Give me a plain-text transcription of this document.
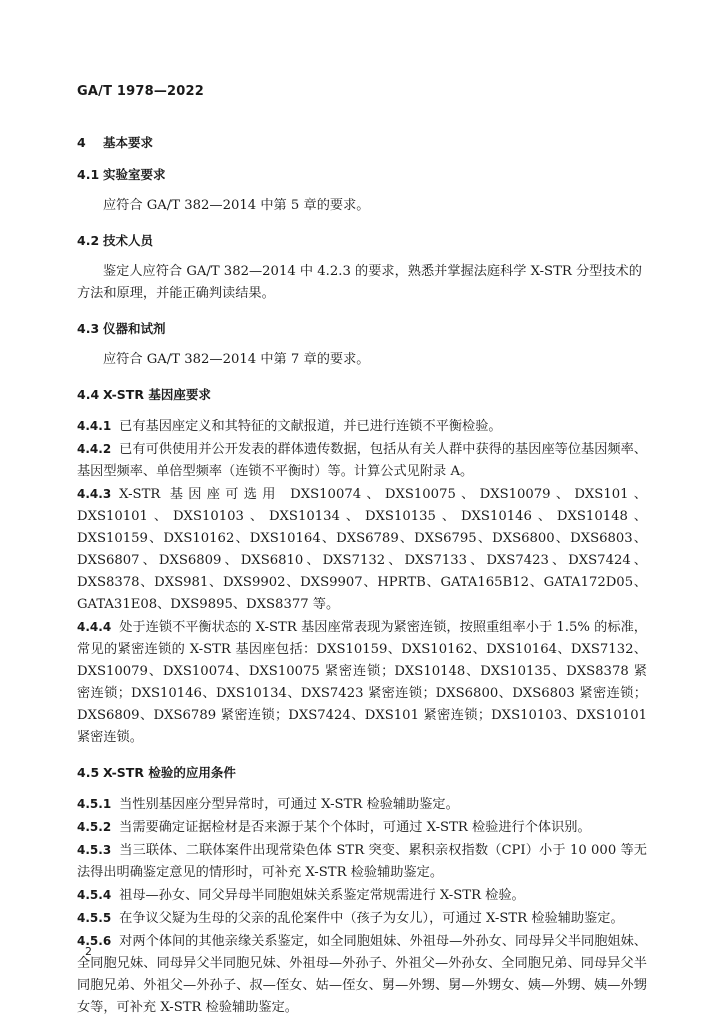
GA/T 1978—2022
4 基本要求
4.1 实验室要求

应符合 GA/T 382—2014 中第 5 章的要求。

4.2 技术人员

鉴定人应符合 GA/T 382—2014 中 4.2.3 的要求，熟悉并掌握法庭科学 X-STR 分型技术的方法和原理，并能正确判读结果。

4.3 仪器和试剂

应符合 GA/T 382—2014 中第 7 章的要求。

4.4 X-STR 基因座要求

4.4.1 已有基因座定义和其特征的文献报道，并已进行连锁不平衡检验。

4.4.2 已有可供使用并公开发表的群体遗传数据，包括从有关人群中获得的基因座等位基因频率、基因型频率、单倍型频率（连锁不平衡时）等。计算公式见附录 A。

4.4.3 X-STR 基因座可选用 DXS10074、DXS10075、DXS10079、DXS101、DXS10101、DXS10103、DXS10134、DXS10135、DXS10146、DXS10148、DXS10159、DXS10162、DXS10164、DXS6789、DXS6795、DXS6800、DXS6803、DXS6807、DXS6809、DXS6810、DXS7132、DXS7133、DXS7423、DXS7424、DXS8378、DXS981、DXS9902、DXS9907、HPRTB、GATA165B12、GATA172D05、GATA31E08、DXS9895、DXS8377 等。

4.4.4 处于连锁不平衡状态的 X-STR 基因座常表现为紧密连锁，按照重组率小于 1.5% 的标准，常见的紧密连锁的 X-STR 基因座包括：DXS10159、DXS10162、DXS10164、DXS7132、DXS10079、DXS10074、DXS10075 紧密连锁；DXS10148、DXS10135、DXS8378 紧密连锁；DXS10146、DXS10134、DXS7423 紧密连锁；DXS6800、DXS6803 紧密连锁；DXS6809、DXS6789 紧密连锁；DXS7424、DXS101 紧密连锁；DXS10103、DXS10101 紧密连锁。

4.5 X-STR 检验的应用条件

4.5.1 当性别基因座分型异常时，可通过 X-STR 检验辅助鉴定。

4.5.2 当需要确定证据检材是否来源于某个个体时，可通过 X-STR 检验进行个体识别。

4.5.3 当三联体、二联体案件出现常染色体 STR 突变、累积亲权指数（CPI）小于 10 000 等无法得出明确鉴定意见的情形时，可补充 X-STR 检验辅助鉴定。

4.5.4 祖母—孙女、同父异母半同胞姐妹关系鉴定常规需进行 X-STR 检验。

4.5.5 在争议父疑为生母的父亲的乱伦案件中（孩子为女儿），可通过 X-STR 检验辅助鉴定。

4.5.6 对两个体间的其他亲缘关系鉴定，如全同胞姐妹、外祖母—外孙女、同母异父半同胞姐妹、全同胞兄妹、同母异父半同胞兄妹、外祖母—外孙子、外祖父—外孙女、全同胞兄弟、同母异父半同胞兄弟、外祖父—外孙子、叔—侄女、姑—侄女、舅—外甥、舅—外甥女、姨—外甥、姨—外甥女等，可补充 X-STR 检验辅助鉴定。

2
